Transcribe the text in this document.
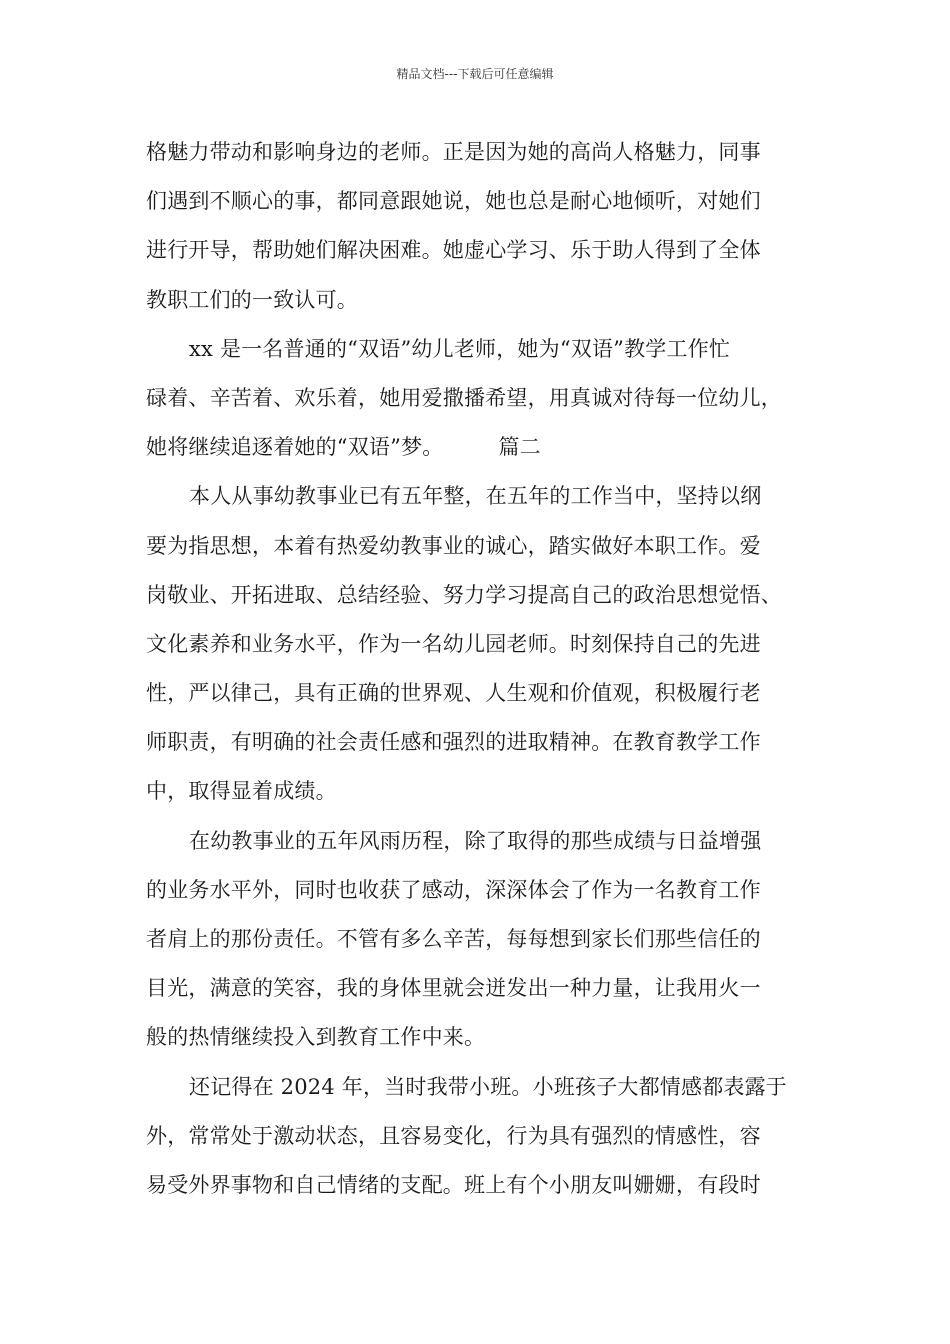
精品文档---下载后可任意编辑
格魅力带动和影响身边的老师。正是因为她的高尚人格魅力，同事
们遇到不顺心的事，都同意跟她说，她也总是耐心地倾听，对她们
进行开导，帮助她们解决困难。她虚心学习、乐于助人得到了全体
教职工们的一致认可。
xx 是一名普通的“双语”幼儿老师，她为“双语”教学工作忙
碌着、辛苦着、欢乐着，她用爱撒播希望，用真诚对待每一位幼儿，
她将继续追逐着她的“双语”梦。	篇二
本人从事幼教事业已有五年整，在五年的工作当中，坚持以纲
要为指思想，本着有热爱幼教事业的诚心，踏实做好本职工作。爱
岗敬业、开拓进取、总结经验、努力学习提高自己的政治思想觉悟、
文化素养和业务水平，作为一名幼儿园老师。时刻保持自己的先进
性，严以律己，具有正确的世界观、人生观和价值观，积极履行老
师职责，有明确的社会责任感和强烈的进取精神。在教育教学工作
中，取得显着成绩。
在幼教事业的五年风雨历程，除了取得的那些成绩与日益增强
的业务水平外，同时也收获了感动，深深体会了作为一名教育工作
者肩上的那份责任。不管有多么辛苦，每每想到家长们那些信任的
目光，满意的笑容，我的身体里就会迸发出一种力量，让我用火一
般的热情继续投入到教育工作中来。
还记得在 2024 年，当时我带小班。小班孩子大都情感都表露于
外，常常处于激动状态，且容易变化，行为具有强烈的情感性，容
易受外界事物和自己情绪的支配。班上有个小朋友叫姗姗，有段时
